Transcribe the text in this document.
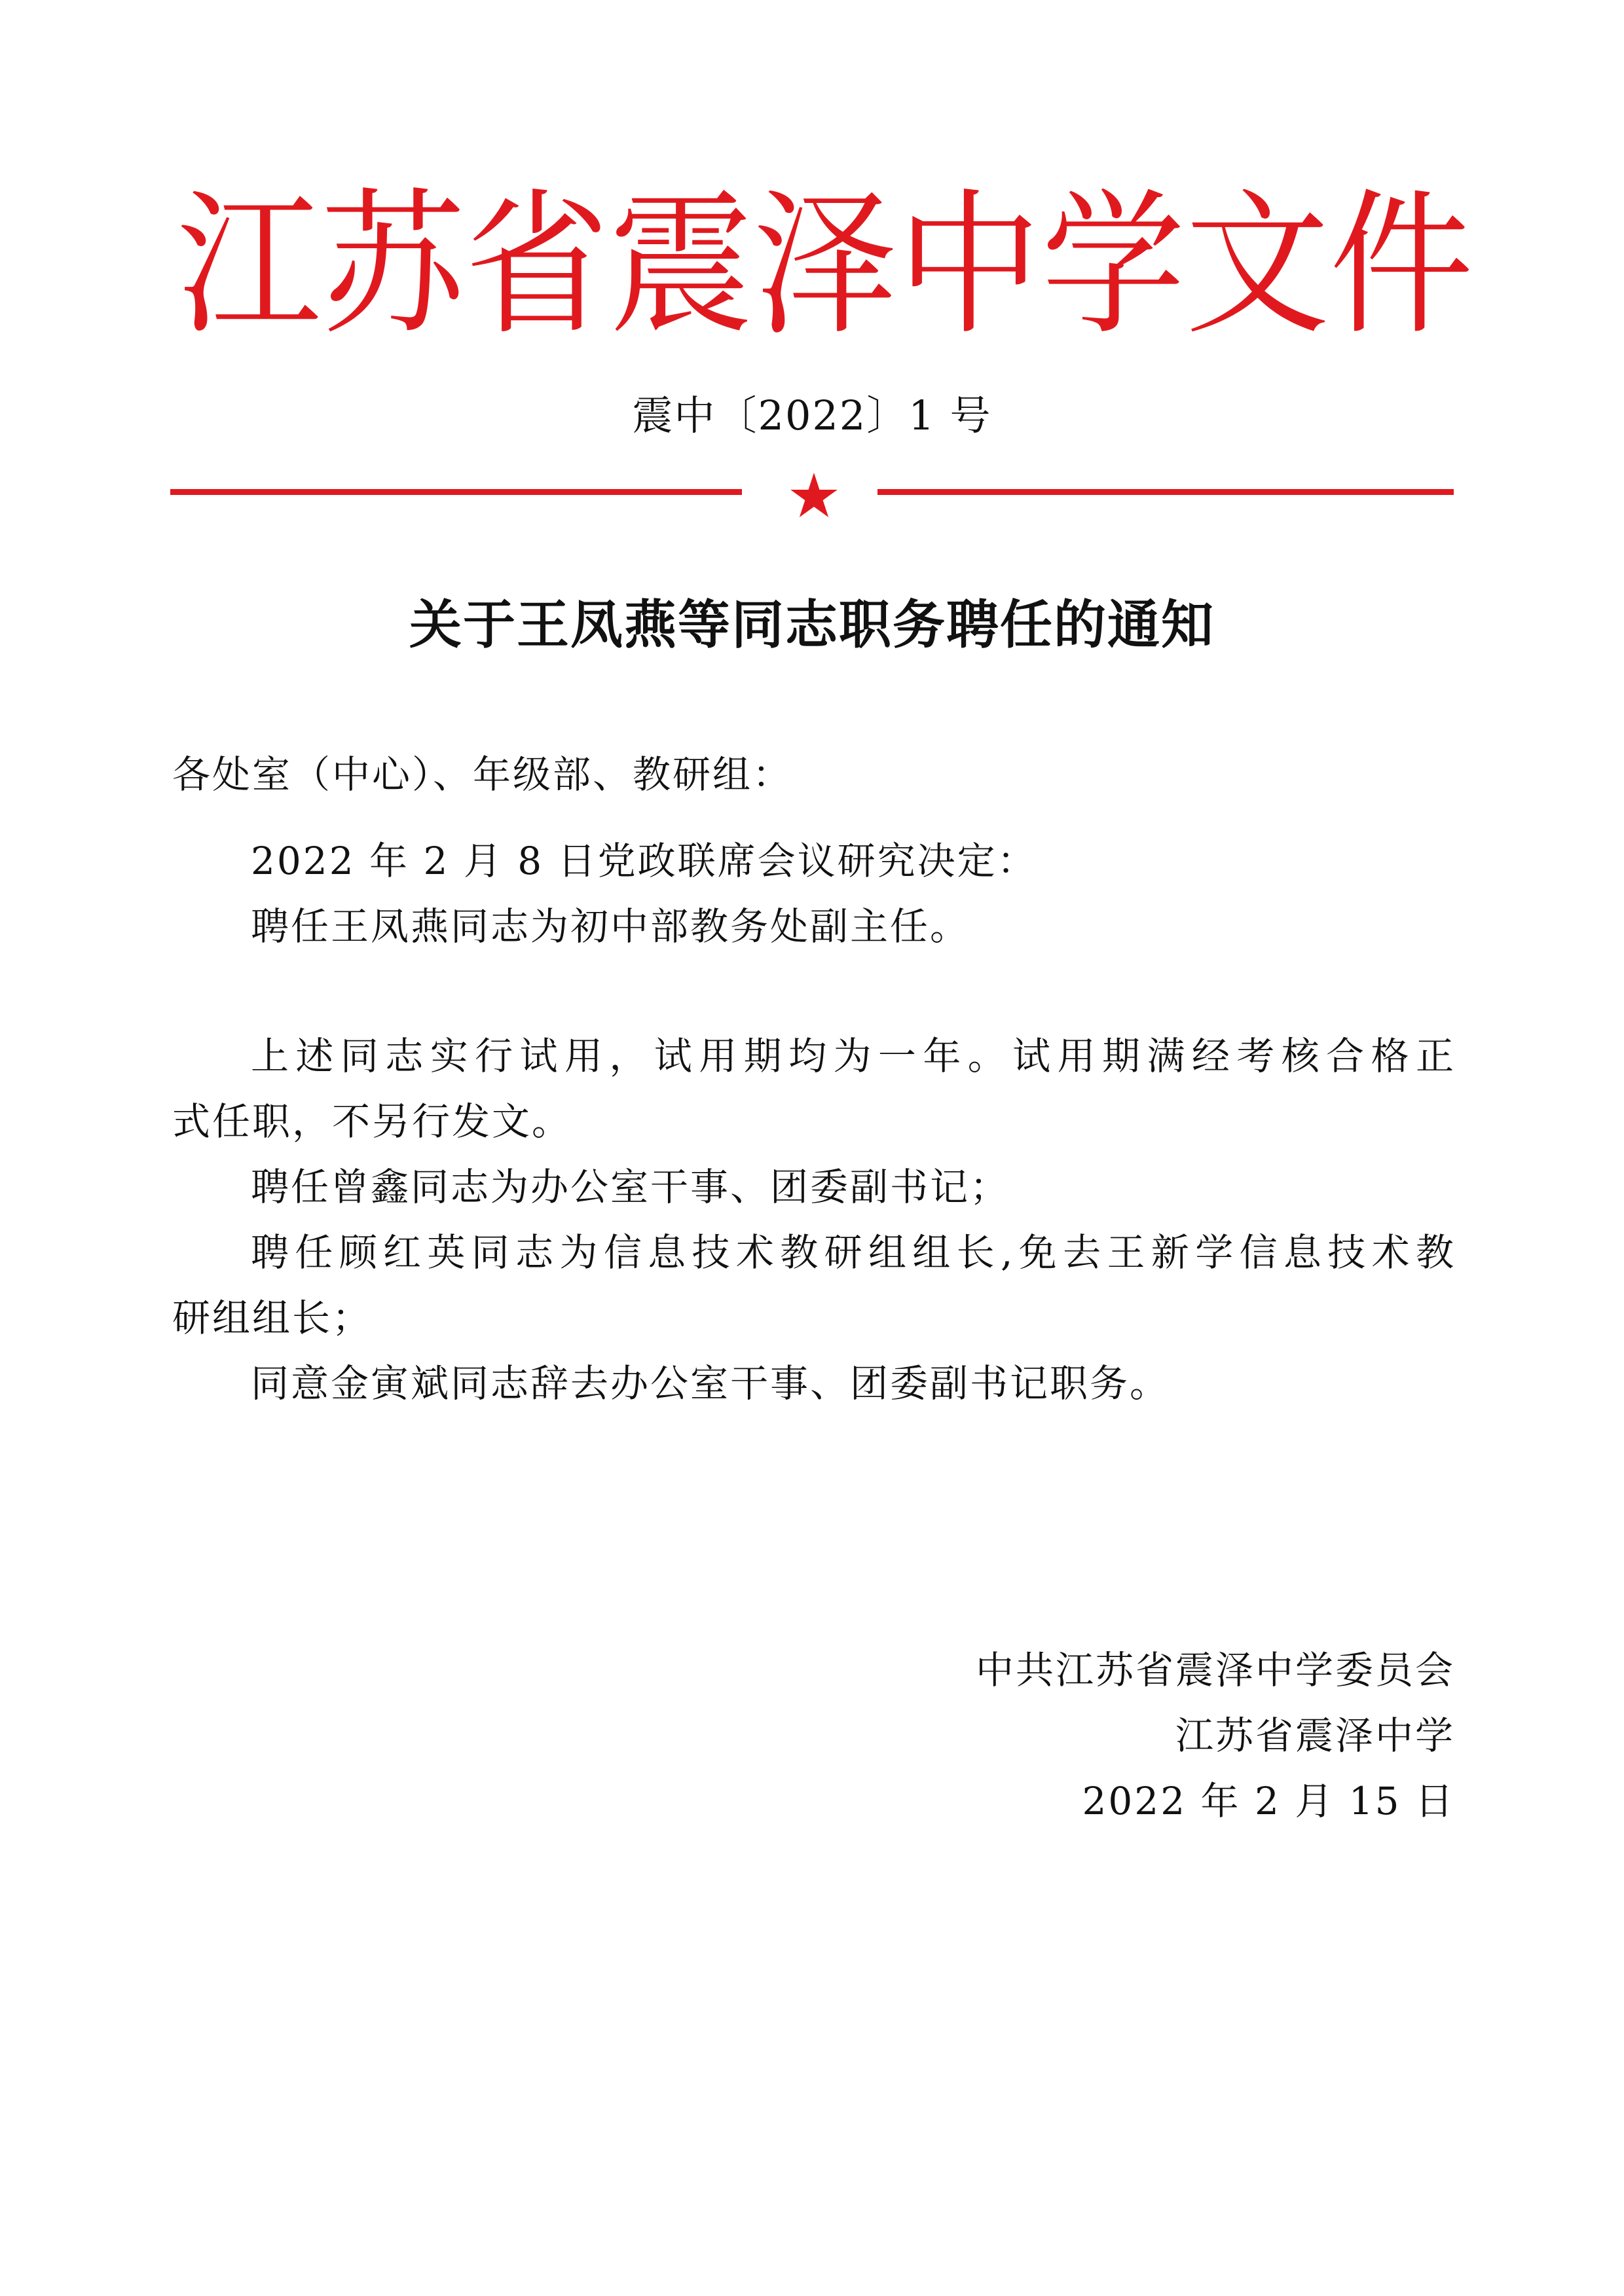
江 苏 省 震 泽 中 学 文 件
震中〔2022〕1 号
关于王凤燕等同志职务聘任的通知
各处室（中心）、年级部、教研组：
2022 年 2 月 8 日党政联席会议研究决定：
聘任王凤燕同志为初中部教务处副主任。
上述同志实行试用，试用期均为一年。试用期满经考核合格正
式任职，不另行发文。
聘任曾鑫同志为办公室干事、团委副书记；
聘任顾红英同志为信息技术教研组组长,免去王新学信息技术教
研组组长；
同意金寅斌同志辞去办公室干事、团委副书记职务。
中共江苏省震泽中学委员会
江苏省震泽中学
2022 年 2 月 15 日
